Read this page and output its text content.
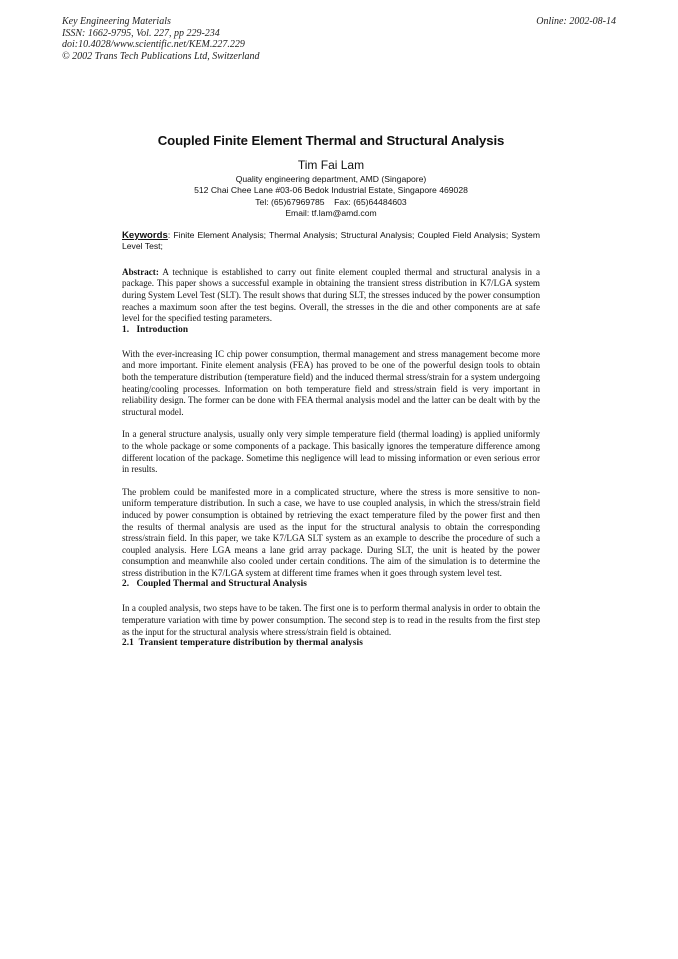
Key Engineering Materials
ISSN: 1662-9795, Vol. 227, pp 229-234
doi:10.4028/www.scientific.net/KEM.227.229
© 2002 Trans Tech Publications Ltd, Switzerland
Online: 2002-08-14
Coupled Finite Element Thermal and Structural Analysis
Tim Fai Lam
Quality engineering department, AMD (Singapore)
512 Chai Chee Lane #03-06 Bedok Industrial Estate, Singapore 469028
Tel: (65)67969785    Fax: (65)64484603
Email: tf.lam@amd.com
Keywords: Finite Element Analysis; Thermal Analysis; Structural Analysis; Coupled Field Analysis; System Level Test;

Abstract: A technique is established to carry out finite element coupled thermal and structural analysis in a package. This paper shows a successful example in obtaining the transient stress distribution in K7/LGA system during System Level Test (SLT). The result shows that during SLT, the stresses induced by the power consumption reaches a maximum soon after the test begins. Overall, the stresses in the die and other components are at safe level for the specified testing parameters.

1. Introduction

With the ever-increasing IC chip power consumption, thermal management and stress management become more and more important. Finite element analysis (FEA) has proved to be one of the powerful design tools to obtain both the temperature distribution (temperature field) and the induced thermal stress/strain for a system undergoing heating/cooling processes. Information on both temperature field and stress/strain field is very important in reliability design. The former can be done with FEA thermal analysis model and the latter can be dealt with by the structural model.

In a general structure analysis, usually only very simple temperature field (thermal loading) is applied uniformly to the whole package or some components of a package. This basically ignores the temperature difference among different location of the package. Sometime this negligence will lead to missing information or even serious error in results.

The problem could be manifested more in a complicated structure, where the stress is more sensitive to non-uniform temperature distribution. In such a case, we have to use coupled analysis, in which the stress/strain field induced by power consumption is obtained by retrieving the exact temperature filed by the power first and then the results of thermal analysis are used as the input for the structural analysis to obtain the corresponding stress/strain field. In this paper, we take K7/LGA SLT system as an example to describe the procedure of such a coupled analysis. Here LGA means a lane grid array package. During SLT, the unit is heated by the power consumption and meanwhile also cooled under certain conditions. The aim of the simulation is to determine the stress distribution in the K7/LGA system at different time frames when it goes through system level test.

2. Coupled Thermal and Structural Analysis

In a coupled analysis, two steps have to be taken. The first one is to perform thermal analysis in order to obtain the temperature variation with time by power consumption. The second step is to read in the results from the first step as the input for the structural analysis where stress/strain field is obtained.

2.1 Transient temperature distribution by thermal analysis
